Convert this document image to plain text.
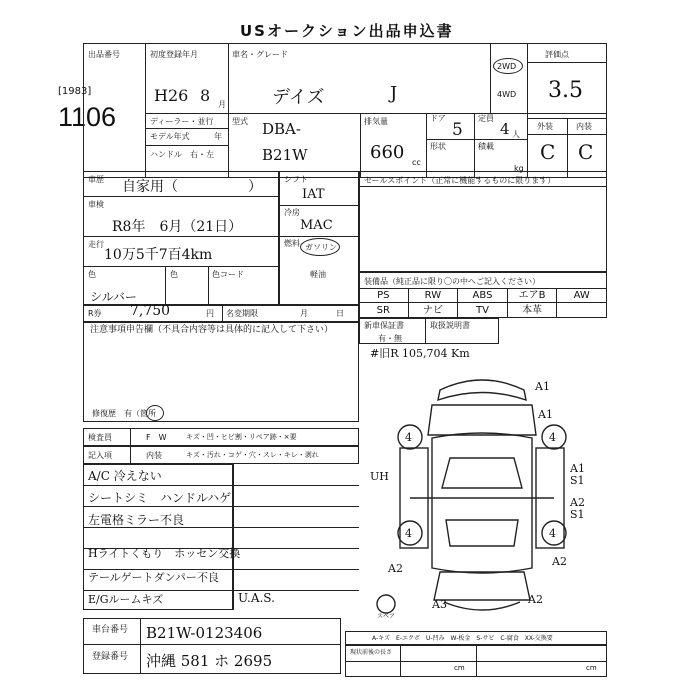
USオークション出品申込書
[1983]
1106
出品番号	初度登録年月
H26 8 月
車名・グレード
デイズ	J
2WD
4WD
評価点
3.5
ディーラー・並行
モデル年式	年
ハンドル　右・左
型式 DBA-
B21W
排気量
660 cc
ドア
5
定員
4 人
形状	積載
kg
外装	内装
C C
車歴 自家用（　　　　　）
車検
R8年　6月（21日）
走行
10万5千7百4km
色	色	色コード
シルバー
R券 7,750	円 名変期限	月	日
シフト
IAT
冷房
MAC
燃料 ガソリン
軽油
セールスポイント（正常に機能するものに限ります）
装備品（純正品に限り〇の中へご記入ください）
PS	RW	ABS	エアB	AW
SR	ナビ	TV	本革
新車保証書	取扱説明書
有・無
#旧R 105,704 Km
注意事項申告欄（不具合内容等は具体的に記入して下さい）
修復歴　有（箇所
検査員	F　W	キズ・凹・ヒビ割・リペア跡・×要
記入項	内装	キズ・汚れ・コゲ・穴・スレ・キレ・剥れ
A/C 冷えない
シートシミ　ハンドルハゲ
左電格ミラー不良
Hライトくもり　ホッセン交換
テールゲートダンパー不良
E/Gルームキズ	U.A.S.
4	4
4	4
A1
A1
A1
S1
A2
S1
A2
A2
A3	A2
UH
スペア
A-キズ　E-エクボ　U-凹み　W-板金　S-サビ　C-腐食　XX-交換要
車台番号 B21W-0123406
登録番号 沖縄 581 ホ 2695	現状前後の長さ
cm	cm
